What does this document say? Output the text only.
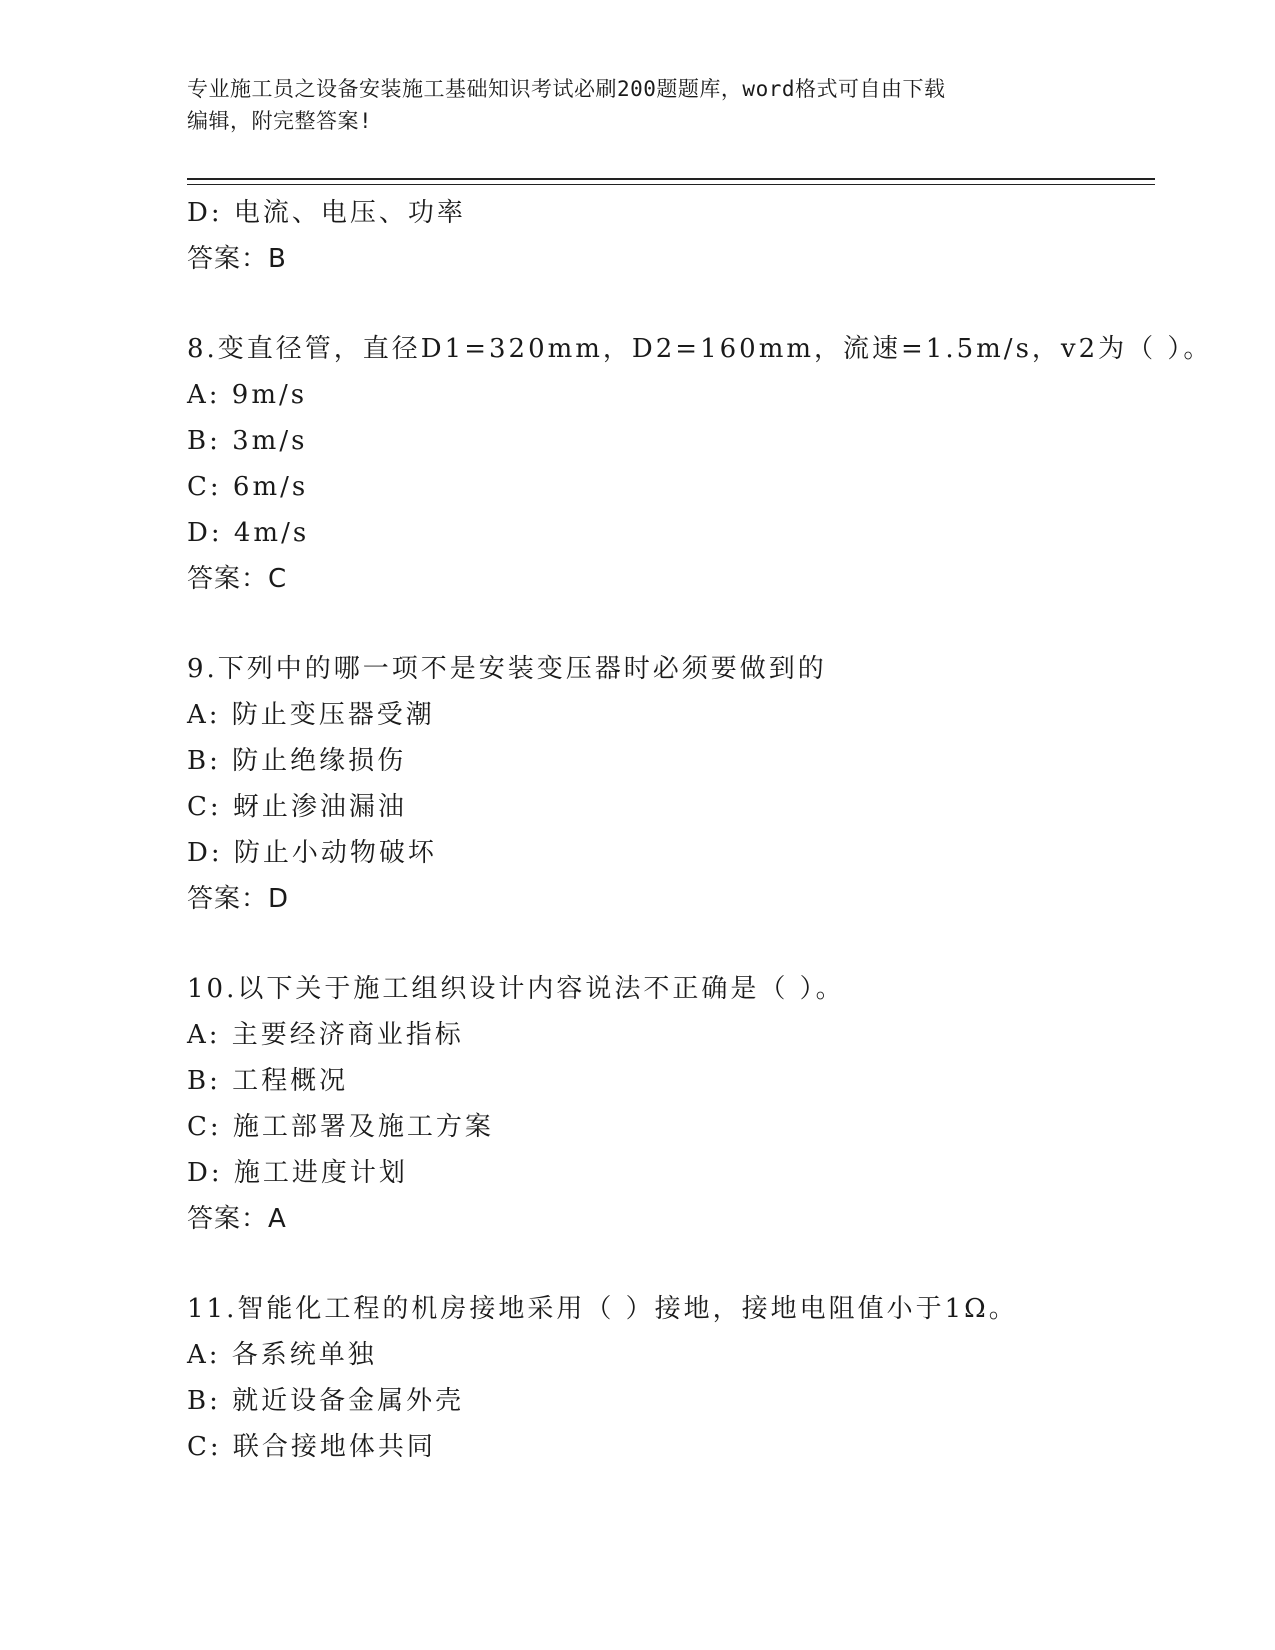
专业施工员之设备安装施工基础知识考试必刷200题题库，word格式可自由下载
编辑，附完整答案!
D: 电流、电压、功率
答案：B
8.变直径管，直径D1=320mm，D2=160mm，流速=1.5m/s，v2为（ ）。
A: 9m/s
B: 3m/s
C: 6m/s
D: 4m/s
答案：C
9.下列中的哪一项不是安装变压器时必须要做到的
A: 防止变压器受潮
B: 防止绝缘损伤
C: 蚜止渗油漏油
D: 防止小动物破坏
答案：D
10.以下关于施工组织设计内容说法不正确是（ ）。
A: 主要经济商业指标
B: 工程概况
C: 施工部署及施工方案
D: 施工进度计划
答案：A
11.智能化工程的机房接地采用（ ）接地，接地电阻值小于1Ω。
A: 各系统单独
B: 就近设备金属外壳
C: 联合接地体共同
